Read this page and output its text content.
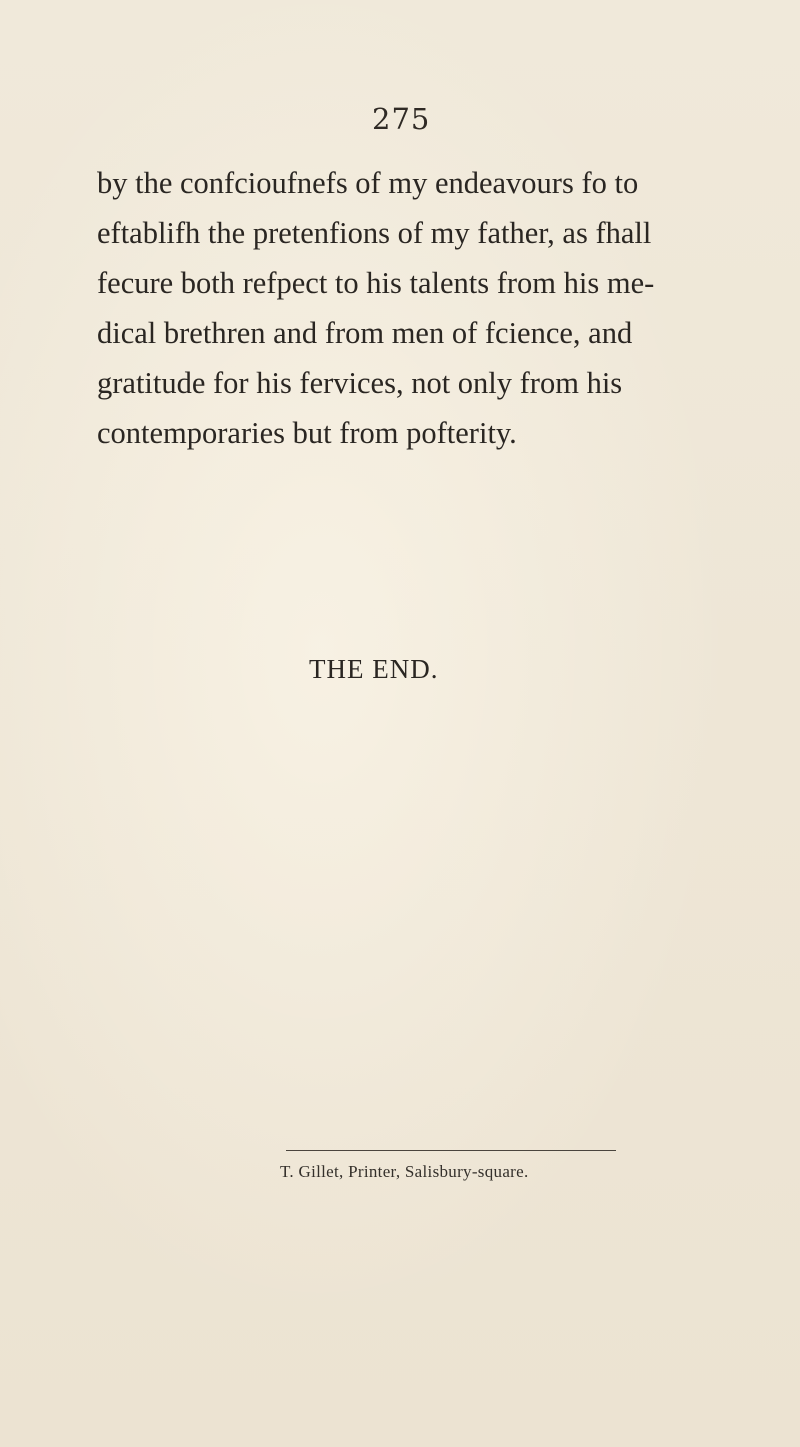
275

by the confcioufnefs of my endeavours fo to
eftablifh the pretenfions of my father, as fhall
fecure both refpect to his talents from his me-
dical brethren and from men of fcience, and
gratitude for his fervices, not only from his
contemporaries but from pofterity.

THE END.
T. Gillet, Printer, Salisbury-square.
